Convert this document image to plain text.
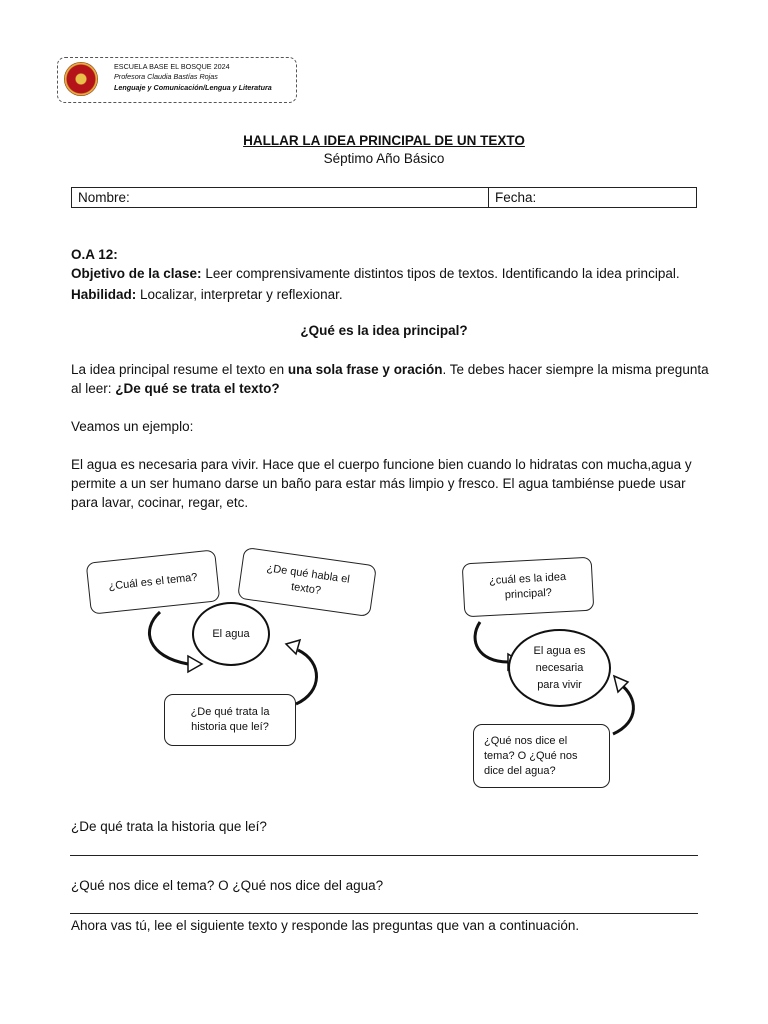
ESCUELA BASE EL BOSQUE 2024
Profesora Claudia Bastías Rojas
Lenguaje y Comunicación/Lengua y Literatura
HALLAR LA IDEA PRINCIPAL DE UN TEXTO
Séptimo Año Básico
Nombre:	Fecha:
O.A 12:
Objetivo de la clase: Leer comprensivamente distintos tipos de textos. Identificando la idea principal.
Habilidad: Localizar, interpretar y reflexionar.
¿Qué es la idea principal?
La idea principal resume el texto en una sola frase y oración. Te debes hacer siempre la misma pregunta
al leer: ¿De qué se trata el texto?
Veamos un ejemplo:
El agua es necesaria para vivir. Hace que el cuerpo funcione bien cuando lo hidratas con mucha,agua y
permite a un ser humano darse un baño para estar más limpio y fresco. El agua tambiénse puede usar
para lavar, cocinar, regar, etc.
¿Cuál es el tema?	¿De qué habla el texto?
El agua
¿De qué trata la historia que leí?
¿cuál es la idea principal?
El agua es necesaria para vivir
¿Qué nos dice el tema? O ¿Qué nos dice del agua?
¿De qué trata la historia que leí?
¿Qué nos dice el tema? O ¿Qué nos dice del agua?
Ahora vas tú, lee el siguiente texto y responde las preguntas que van a continuación.
